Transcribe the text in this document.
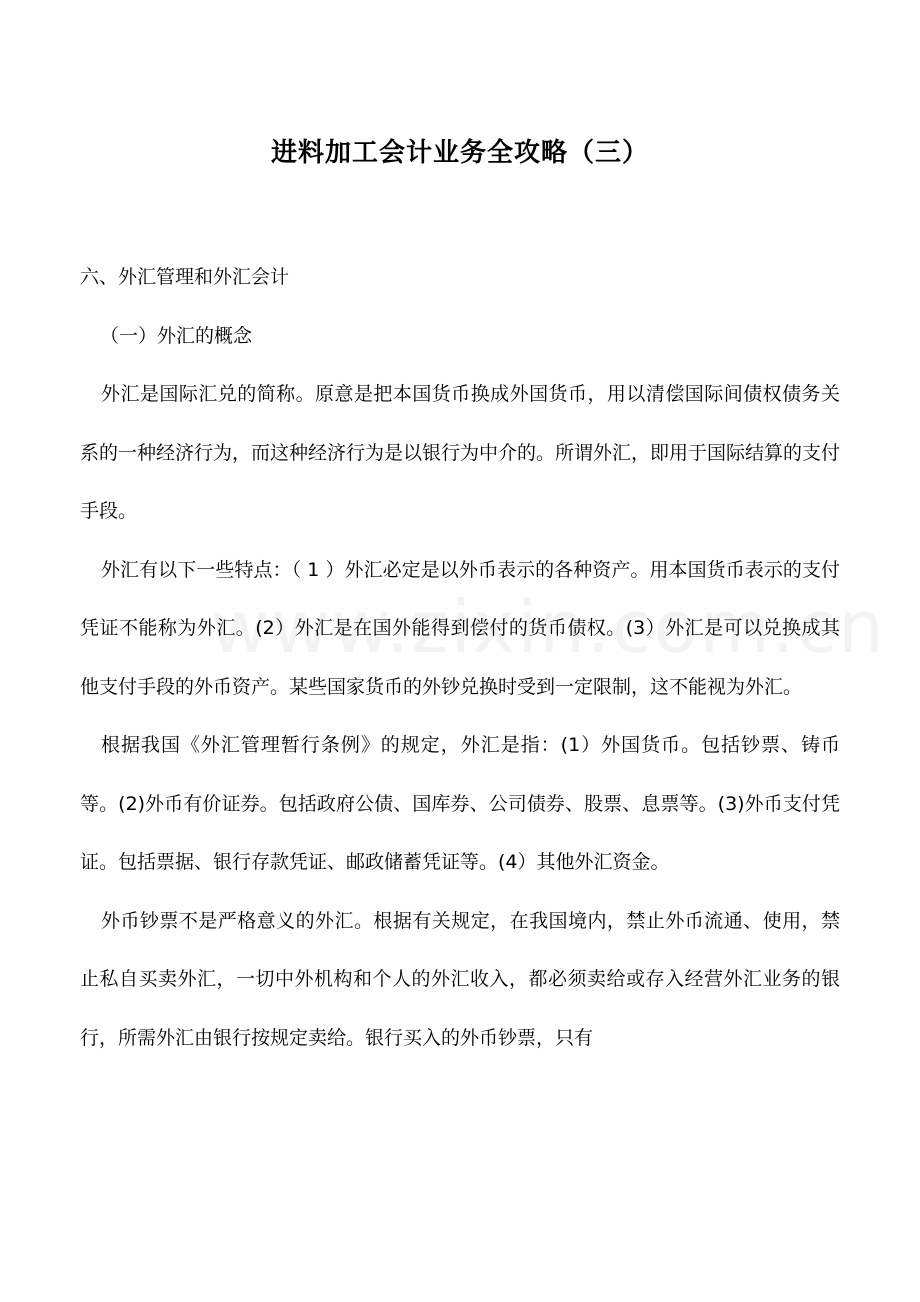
进料加工会计业务全攻略（三）

六、外汇管理和外汇会计

（一）外汇的概念

外汇是国际汇兑的简称。原意是把本国货币换成外国货币，用以清偿国际间债权债务关系的一种经济行为，而这种经济行为是以银行为中介的。所谓外汇，即用于国际结算的支付手段。

外汇有以下一些特点：（ 1 ）外汇必定是以外币表示的各种资产。用本国货币表示的支付凭证不能称为外汇。(2）外汇是在国外能得到偿付的货币债权。(3）外汇是可以兑换成其他支付手段的外币资产。某些国家货币的外钞兑换时受到一定限制，这不能视为外汇。

根据我国《外汇管理暂行条例》的规定，外汇是指：(1）外国货币。包括钞票、铸币等。(2)外币有价证券。包括政府公债、国库券、公司债券、股票、息票等。(3)外币支付凭证。包括票据、银行存款凭证、邮政储蓄凭证等。(4）其他外汇资金。

外币钞票不是严格意义的外汇。根据有关规定，在我国境内，禁止外币流通、使用，禁止私自买卖外汇，一切中外机构和个人的外汇收入，都必须卖给或存入经营外汇业务的银行，所需外汇由银行按规定卖给。银行买入的外币钞票，只有
